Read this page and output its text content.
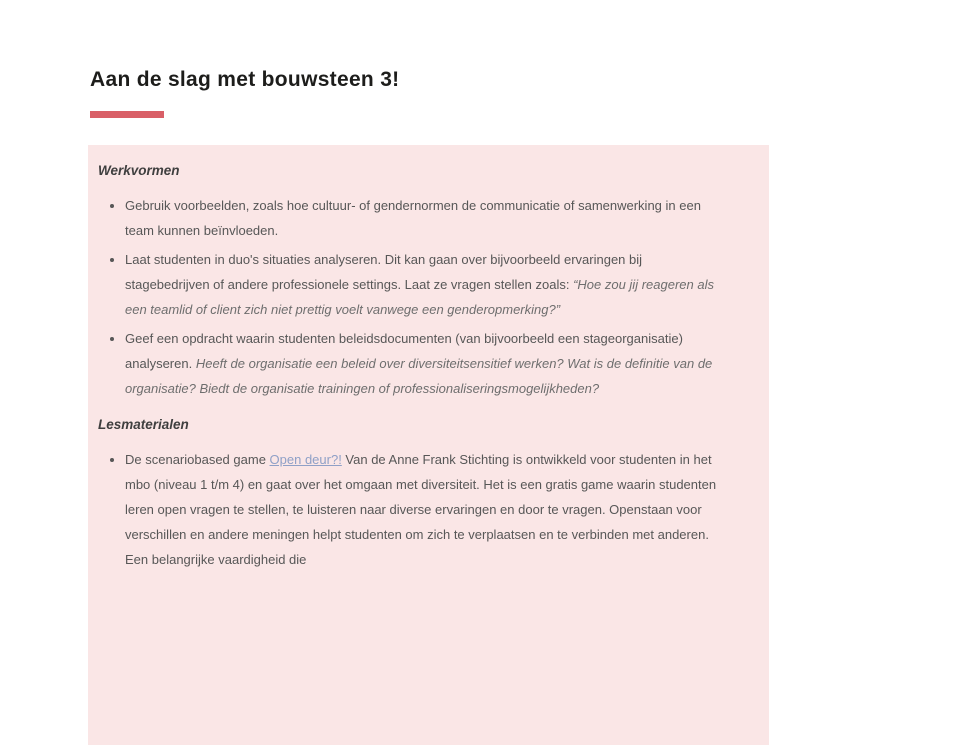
Aan de slag met bouwsteen 3!
Werkvormen
• Gebruik voorbeelden, zoals hoe cultuur- of gendernormen de communicatie of samenwerking in een team kunnen beïnvloeden.
• Laat studenten in duo's situaties analyseren. Dit kan gaan over bijvoorbeeld ervaringen bij stagebedrijven of andere professionele settings. Laat ze vragen stellen zoals: “Hoe zou jij reageren als een teamlid of client zich niet prettig voelt vanwege een genderopmerking?”
• Geef een opdracht waarin studenten beleidsdocumenten (van bijvoorbeeld een stageorganisatie) analyseren. Heeft de organisatie een beleid over diversiteitsensitief werken? Wat is de definitie van de organisatie? Biedt de organisatie trainingen of professionaliseringsmogelijkheden?
Lesmaterialen
• De scenariobased game Open deur?! Van de Anne Frank Stichting is ontwikkeld voor studenten in het mbo (niveau 1 t/m 4) en gaat over het omgaan met diversiteit. Het is een gratis game waarin studenten leren open vragen te stellen, te luisteren naar diverse ervaringen en door te vragen. Openstaan voor verschillen en andere meningen helpt studenten om zich te verplaatsen en te verbinden met anderen. Een belangrijke vaardigheid die
